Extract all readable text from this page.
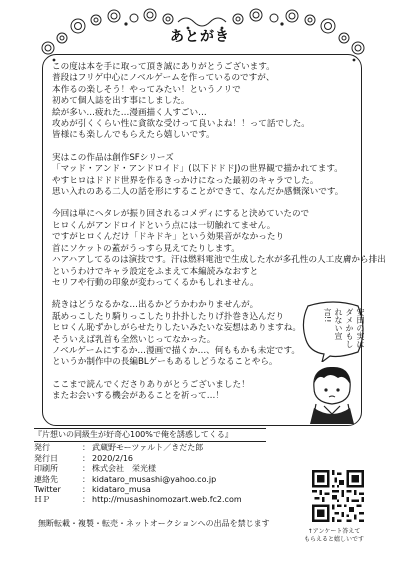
あとがき
この度は本を手に取って頂き誠にありがとうございます。
普段はフリゲ中心にノベルゲームを作っているのですが、
本作るの楽しそう！やってみたい！というノリで
初めて個人誌を出す事にしました。
絵が多い…疲れた…漫画描く人すごい…
攻めが引くくらい性に貪欲な受けって良いよね！！って話でした。
皆様にも楽しんでもらえたら嬉しいです。
実はこの作品は創作SFシリーズ
「マッド・アンド・アンドロイド」(以下ドドドJ)の世界観で描かれてます。
やすヒロはドドド世界を作るきっかけになった最初のキャラでした。
思い入れのある二人の話を形にすることができて、なんだか感慨深いです。
今回は単にヘタレが振り回されるコメディにすると決めていたので
ヒロくんがアンドロイドという点には一切触れてません。
ですがヒロくんだけ「ドキドキ」という効果音がなかったり
首にソケットの蓋がうっすら見えてたりします。
ハアハアしてるのは演技です。汗は燃料電池で生成した水が多孔性の人工皮膚から排出
というわけでキャラ設定をふまえて本編読みなおすと
セリフや行動の印象が変わってくるかもしれません。
続きはどうなるかな…出るかどうかわかりませんが。
舐めっこしたり騎りっこしたり扑扑したりげ扑巻き込んだり
ヒロくん恥ずかしがらせたりしたいみたいな妄想はありますね。
そういえば乳首も全然いじってなかった。
ノベルゲームにするか…漫画で描くか…、何ももかも未定です。
というか制作中の長編BLゲーもあるしどうなることやら。
ここまで読んでくださりありがとうございました！
またお会いする機会があることを祈って…！
安田の実はダメかもしれない宣言!!
『片想いの同級生が好奇心100%で俺を誘惑してくる』
発行	： 武蔵野モーツァルト／きだた郎
発行日	： 2020/2/16
印刷所	： 株式会社　栄光様
連絡先	： kidataro_musashi@yahoo.co.jp
Twitter	： kidataro_musa
ＨＰ	： http://musashinomozart.web.fc2.com
無断転載・複製・転売・ネットオークションへの出品を禁じます
↑アンケート答えて
もらえると嬉しいです
